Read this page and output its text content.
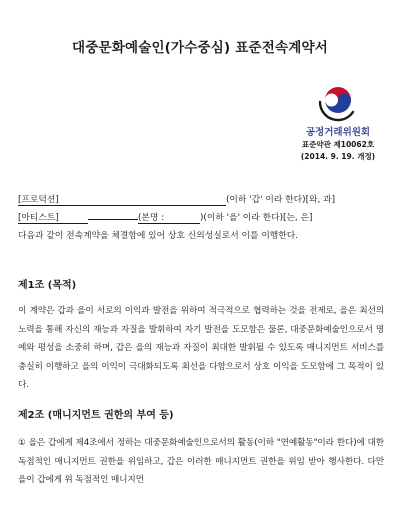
대중문화예술인(가수중심) 표준전속계약서
공정거래위원회
표준약관 제10062호
(2014. 9. 19. 개정)
[프로덕션]	(이하 '갑' 이라 한다)[와, 과]
[아티스트]	(본명 :	)(이하 '을' 이라 한다)[는, 은]
다음과 같이 전속계약을 체결함에 있어 상호 신의성실로서 이를 이행한다.
제1조 (목적)
이 계약은 갑과 을이 서로의 이익과 발전을 위하여 적극적으로 협력하는 것을 전제로, 을은 최선의 노력을 통해 자신의 재능과 자질을 발휘하여 자기 발전을 도모함은 물론, 대중문화예술인으로서 명예와 평성을 소중히 하며, 갑은 을의 재능과 자질이 최대한 발휘될 수 있도록 매니지먼트 서비스를 충실히 이행하고 을의 이익이 극대화되도록 최선을 다함으로서 상호 이익을 도모함에 그 목적이 있다.
제2조 (매니지먼트 권한의 부여 등)
① 을은 갑에게 제4조에서 정하는 대중문화예술인으로서의 활동(이하 "연예활동"이라 한다)에 대한 독점적인 매니지먼트 권한을 위임하고, 갑은 이러한 매니지먼트 권한을 위임 받아 행사한다. 다만 을이 갑에게 위 독점적인 매니지먼
